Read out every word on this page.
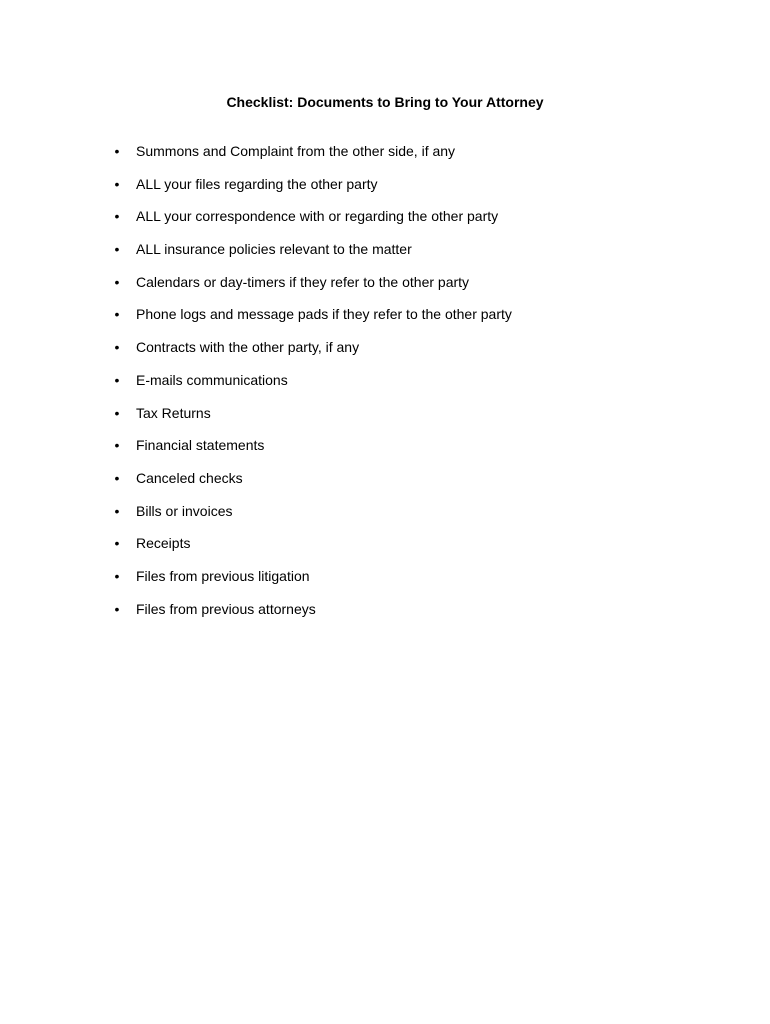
Checklist: Documents to Bring to Your Attorney
• Summons and Complaint from the other side, if any
• ALL your files regarding the other party
• ALL your correspondence with or regarding the other party
• ALL insurance policies relevant to the matter
• Calendars or day-timers if they refer to the other party
• Phone logs and message pads if they refer to the other party
• Contracts with the other party, if any
• E-mails communications
• Tax Returns
• Financial statements
• Canceled checks
• Bills or invoices
• Receipts
• Files from previous litigation
• Files from previous attorneys
